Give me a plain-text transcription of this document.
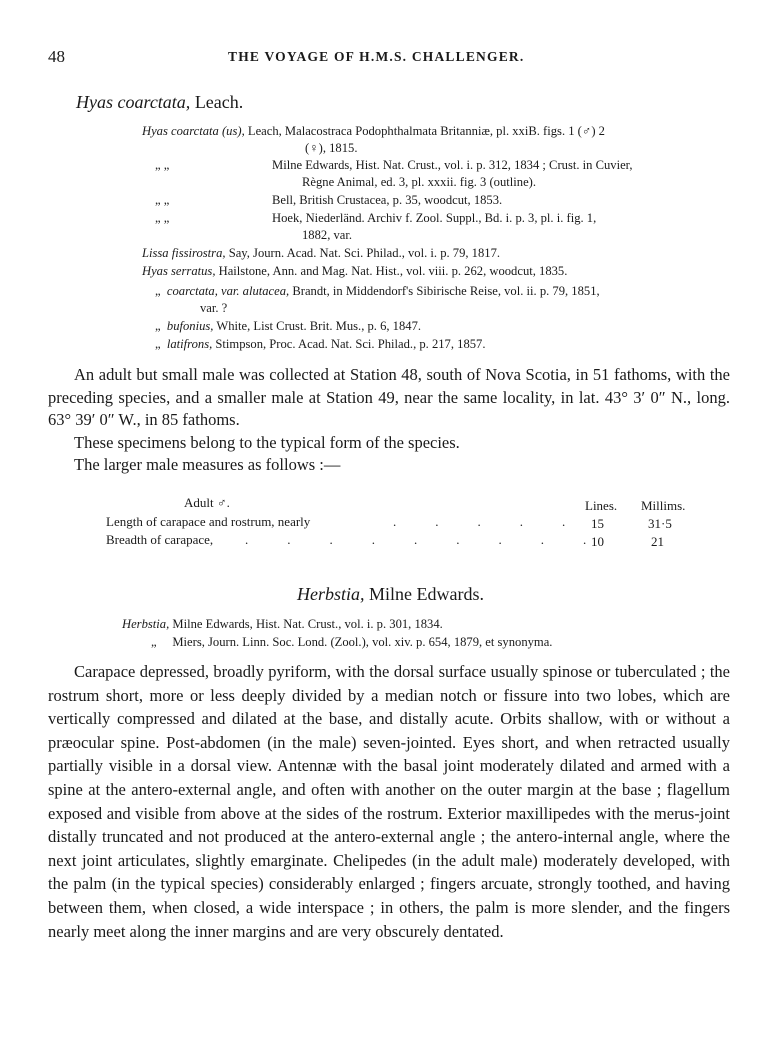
48	THE VOYAGE OF H.M.S. CHALLENGER.
Hyas coarctata, Leach.
Hyas coarctata (us), Leach, Malacostraca Podophthalmata Britanniæ, pl. xxiB. figs. 1 (♂) 2
(♀), 1815.
„ „	Milne Edwards, Hist. Nat. Crust., vol. i. p. 312, 1834 ; Crust. in Cuvier,
Règne Animal, ed. 3, pl. xxxii. fig. 3 (outline).
„ „	Bell, British Crustacea, p. 35, woodcut, 1853.
„ „	Hoek, Niederländ. Archiv f. Zool. Suppl., Bd. i. p. 3, pl. i. fig. 1,
1882, var.
Lissa fissirostra, Say, Journ. Acad. Nat. Sci. Philad., vol. i. p. 79, 1817.
Hyas serratus, Hailstone, Ann. and Mag. Nat. Hist., vol. viii. p. 262, woodcut, 1835.
„ coarctata, var. alutacea, Brandt, in Middendorf's Sibirische Reise, vol. ii. p. 79, 1851,
var. ?
„ bufonius, White, List Crust. Brit. Mus., p. 6, 1847.
„ latifrons, Stimpson, Proc. Acad. Nat. Sci. Philad., p. 217, 1857.

An adult but small male was collected at Station 48, south of Nova Scotia, in 51 fathoms, with the preceding species, and a smaller male at Station 49, near the same locality, in lat. 43° 3′ 0″ N., long. 63° 39′ 0″ W., in 85 fathoms.

These specimens belong to the typical form of the species.

The larger male measures as follows :—

Adult ♂.	Lines. Millims.
Length of carapace and rostrum, nearly	.            .            .            .            . 15	31·5
Breadth of carapace, .            .            .            .            .            .            .            .            . 10	21
Herbstia, Milne Edwards.
Herbstia, Milne Edwards, Hist. Nat. Crust., vol. i. p. 301, 1834.
„ Miers, Journ. Linn. Soc. Lond. (Zool.), vol. xiv. p. 654, 1879, et synonyma.

Carapace depressed, broadly pyriform, with the dorsal surface usually spinose or tuberculated ; the rostrum short, more or less deeply divided by a median notch or fissure into two lobes, which are vertically compressed and dilated at the base, and distally acute. Orbits shallow, with or without a præocular spine. Post-abdomen (in the male) seven-jointed. Eyes short, and when retracted usually partially visible in a dorsal view. Antennæ with the basal joint moderately dilated and armed with a spine at the antero-external angle, and often with another on the outer margin at the base ; flagellum exposed and visible from above at the sides of the rostrum. Exterior maxillipedes with the merus-joint distally truncated and not produced at the antero-external angle ; the antero-internal angle, where the next joint articulates, slightly emarginate. Chelipedes (in the adult male) moderately developed, with the palm (in the typical species) considerably enlarged ; fingers arcuate, strongly toothed, and having between them, when closed, a wide interspace ; in others, the palm is more slender, and the fingers nearly meet along the inner margins and are very obscurely dentated.
